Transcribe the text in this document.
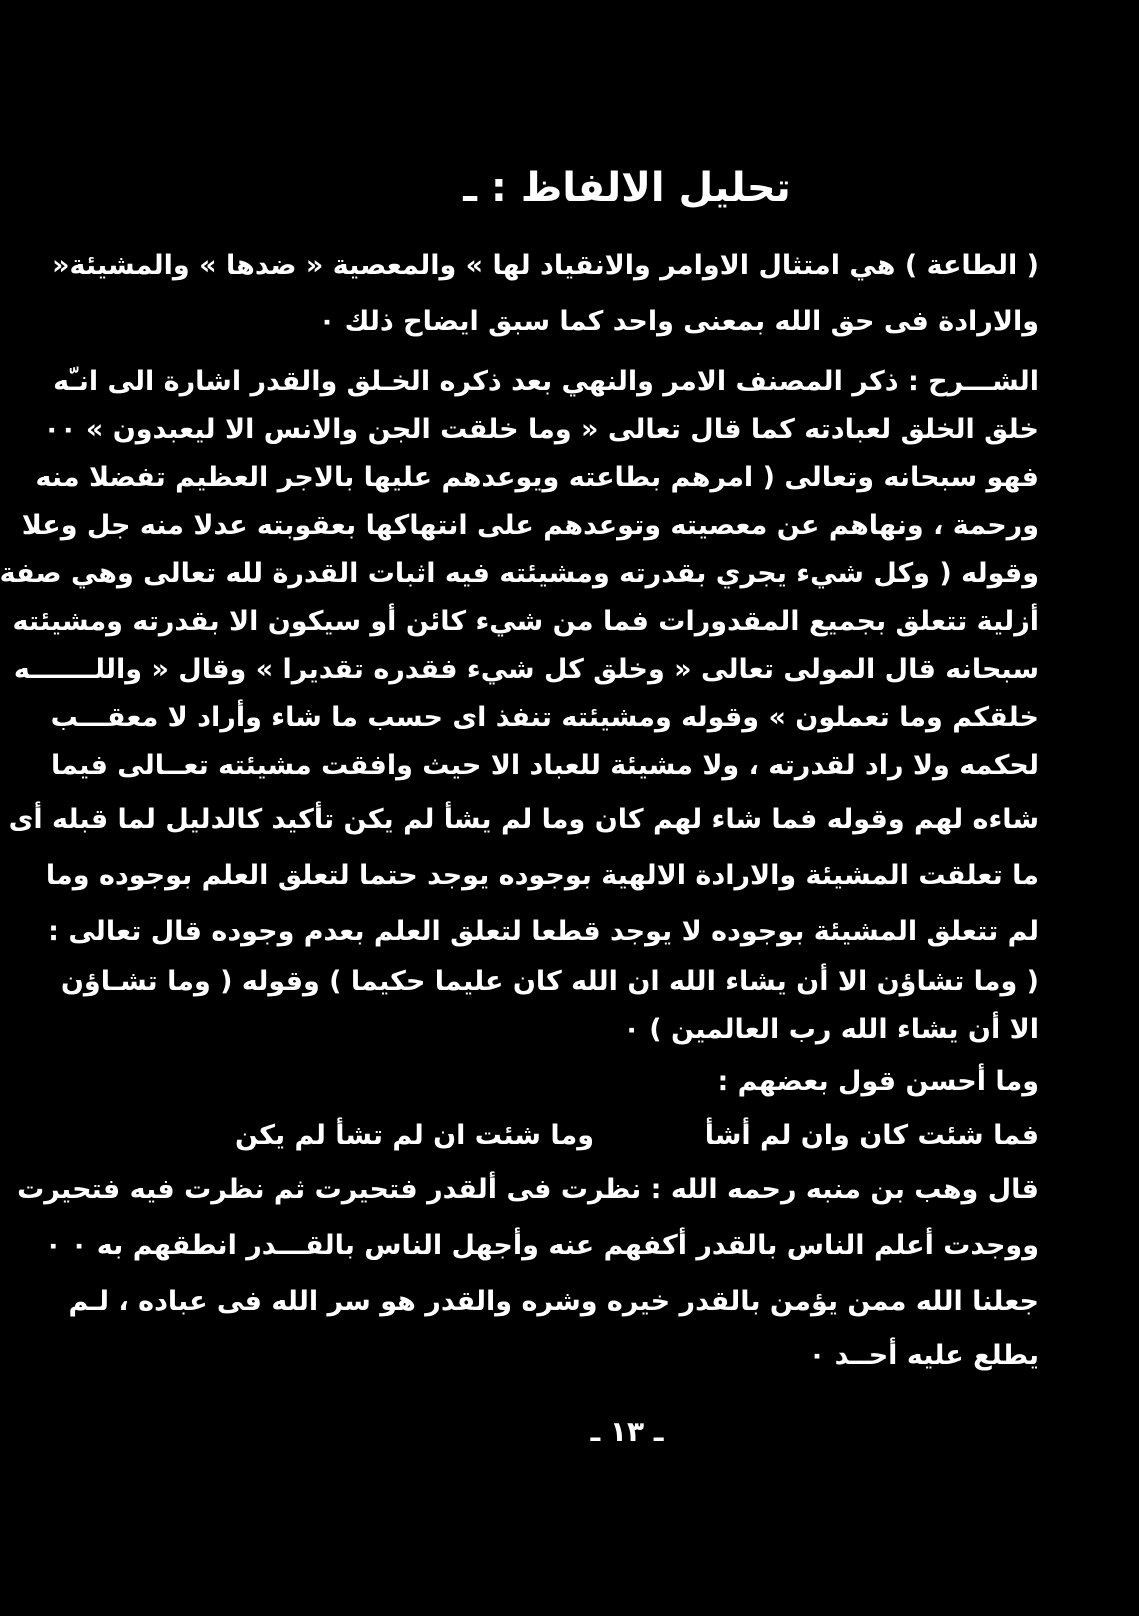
تحليل الالفاظ : ـ
( الطاعة ) هي امتثال الاوامر والانقياد لها » والمعصية « ضدها » والمشيئة«
والارادة فى حق الله بمعنى واحد كما سبق ايضاح ذلك ٠
الشـــرح : ذكر المصنف الامر والنهي بعد ذكره الخـلق والقدر اشارة الى انـّه
خلق الخلق لعبادته كما قال تعالى « وما خلقت الجن والانس الا ليعبدون » ٠٠
فهو سبحانه وتعالى ( امرهم بطاعته ويوعدهم عليها بالاجر العظيم تفضلا منه
ورحمة ، ونهاهم عن معصيته وتوعدهم على انتهاكها بعقوبته عدلا منه جل وعلا
وقوله ( وكل شيء يجري بقدرته ومشيئته فيه اثبات القدرة لله تعالى وهي صفة
أزلية تتعلق بجميع المقدورات فما من شيء كائن أو سيكون الا بقدرته ومشيئته
سبحانه قال المولى تعالى « وخلق كل شيء فقدره تقديرا » وقال « واللـــــــه
خلقكم وما تعملون » وقوله ومشيئته تنفذ اى حسب ما شاء وأراد لا معقـــب
لحكمه ولا راد لقدرته ، ولا مشيئة للعباد الا حيث وافقت مشيئته تعــالى فيما
شاءه لهم وقوله فما شاء لهم كان وما لم يشأ لم يكن تأكيد كالدليل لما قبله أى
ما تعلقت المشيئة والارادة الالهية بوجوده يوجد حتما لتعلق العلم بوجوده وما
لم تتعلق المشيئة بوجوده لا يوجد قطعا لتعلق العلم بعدم وجوده قال تعالى :
( وما تشاؤن الا أن يشاء الله ان الله كان عليما حكيما ) وقوله ( وما تشـاؤن
الا أن يشاء الله رب العالمين ) ٠
وما أحسن قول بعضهم :
فما شئت كان وان لم أشأ
وما شئت ان لم تشأ لم يكن
قال وهب بن منبه رحمه الله : نظرت فى ألقدر فتحيرت ثم نظرت فيه فتحيرت
ووجدت أعلم الناس بالقدر أكفهم عنه وأجهل الناس بالقـــدر انطقهم به ٠ ٠
جعلنا الله ممن يؤمن بالقدر خيره وشره والقدر هو سر الله فى عباده ، لـم
يطلع عليه أحــد ٠
ـ ١٣ ـ
